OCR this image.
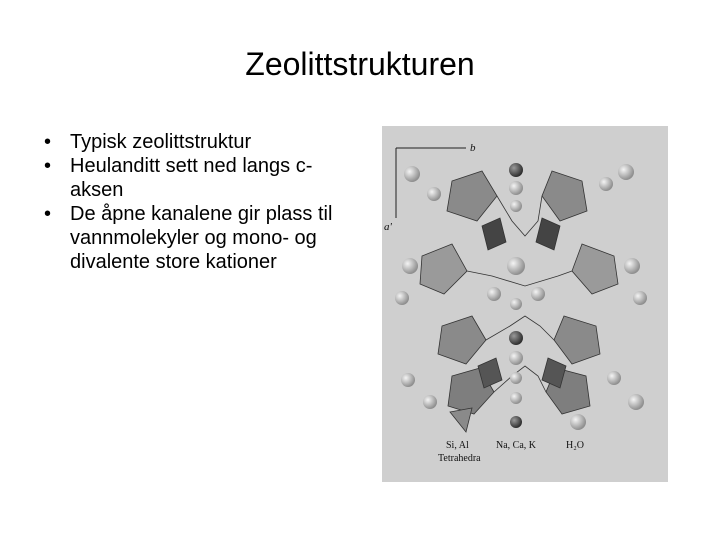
Zeolittstrukturen
• Typisk zeolittstruktur
• Heulanditt sett ned langs c-aksen
• De åpne kanalene gir plass til vannmolekyler og mono- og divalente store kationer
b
a'
Si, Al
Tetrahedra
Na, Ca, K	H₂O
